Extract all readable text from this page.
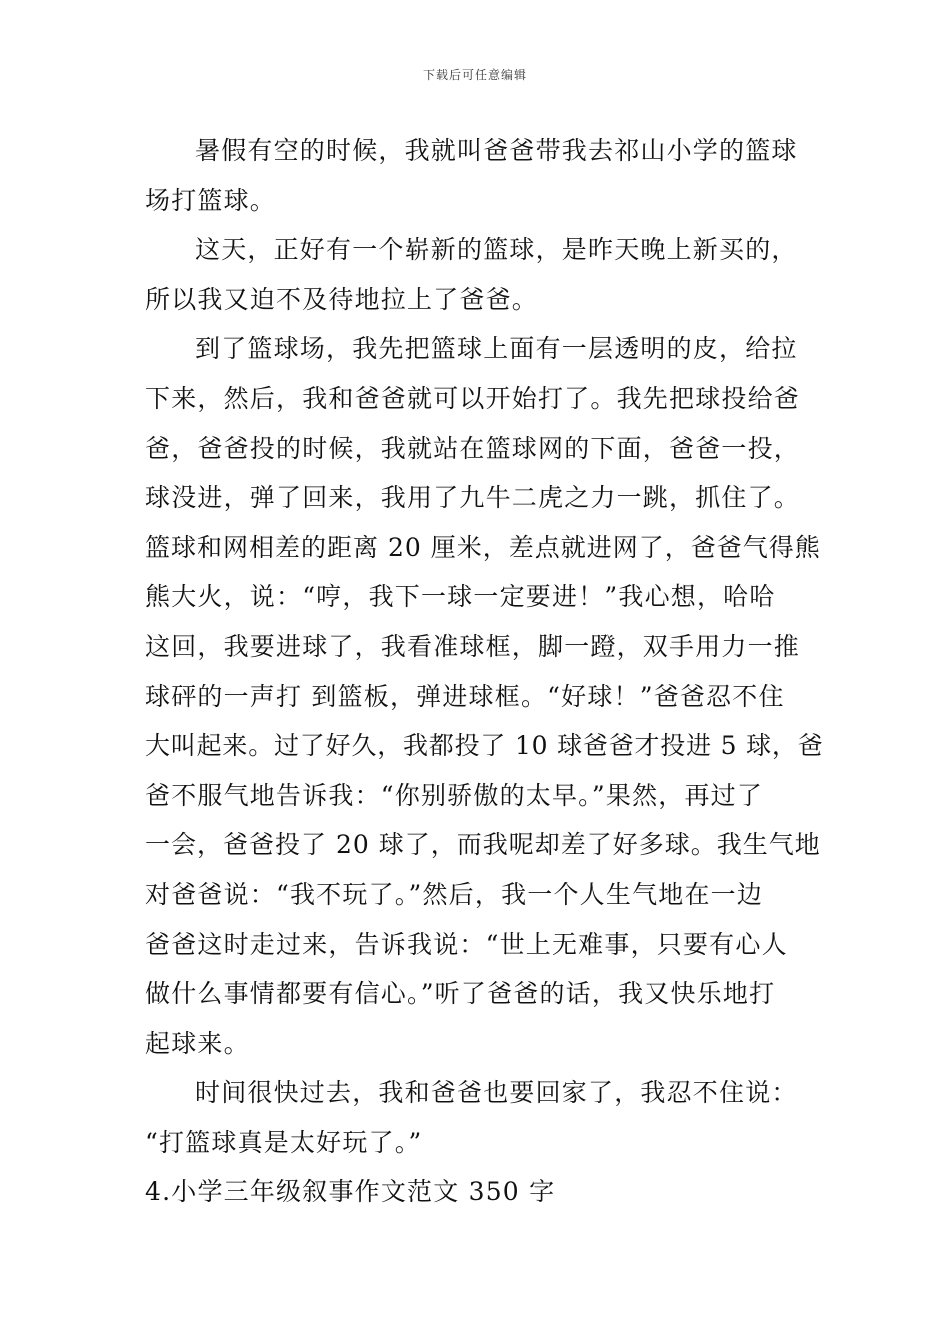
下载后可任意编辑
暑假有空的时候，我就叫爸爸带我去祁山小学的篮球
场打篮球。
这天，正好有一个崭新的篮球，是昨天晚上新买的，
所以我又迫不及待地拉上了爸爸。
到了篮球场，我先把篮球上面有一层透明的皮，给拉
下来，然后，我和爸爸就可以开始打了。我先把球投给爸
爸，爸爸投的时候，我就站在篮球网的下面，爸爸一投，
球没进，弹了回来，我用了九牛二虎之力一跳，抓住了。
篮球和网相差的距离 20 厘米，差点就进网了，爸爸气得熊
熊大火，说：“哼，我下一球一定要进！”我心想，哈哈
这回，我要进球了，我看准球框，脚一蹬，双手用力一推
球砰的一声打 到篮板，弹进球框。“好球！”爸爸忍不住
大叫起来。过了好久，我都投了 10 球爸爸才投进 5 球，爸
爸不服气地告诉我：“你别骄傲的太早。”果然，再过了
一会，爸爸投了 20 球了，而我呢却差了好多球。我生气地
对爸爸说：“我不玩了。”然后，我一个人生气地在一边
爸爸这时走过来，告诉我说：“世上无难事，只要有心人
做什么事情都要有信心。”听了爸爸的话，我又快乐地打
起球来。
时间很快过去，我和爸爸也要回家了，我忍不住说：
“打篮球真是太好玩了。”
4.小学三年级叙事作文范文 350 字
